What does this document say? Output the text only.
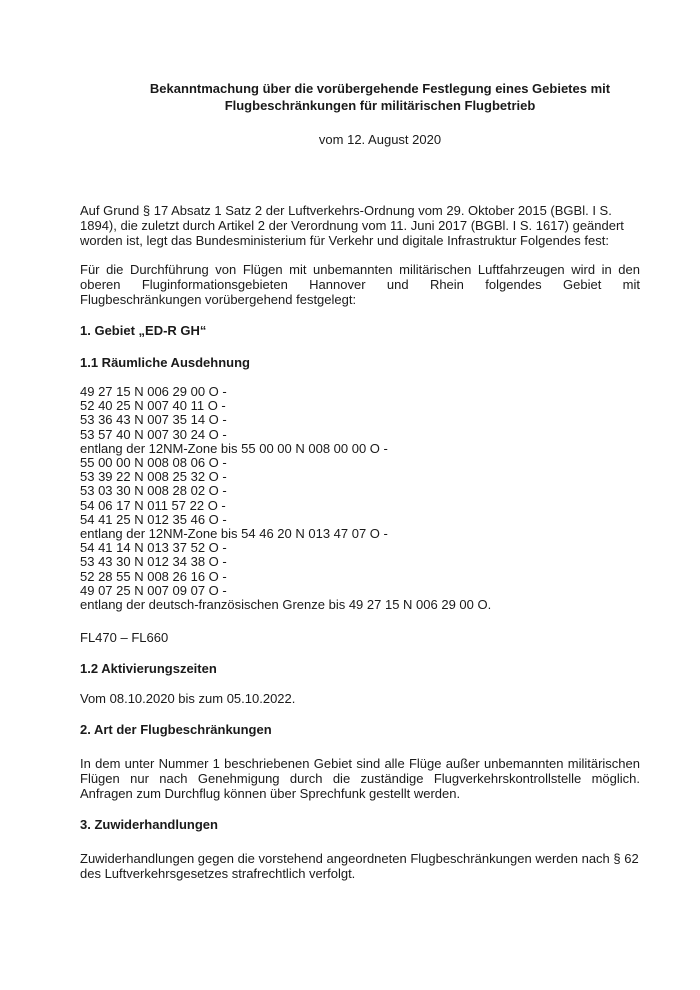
Bekanntmachung über die vorübergehende Festlegung eines Gebietes mit
Flugbeschränkungen für militärischen Flugbetrieb
vom 12. August 2020

Auf Grund § 17 Absatz 1 Satz 2 der Luftverkehrs-Ordnung vom 29. Oktober 2015 (BGBl. I S. 1894), die zuletzt durch Artikel 2 der Verordnung vom 11. Juni 2017 (BGBl. I S. 1617) geändert worden ist, legt das Bundesministerium für Verkehr und digitale Infrastruktur Folgendes fest:

Für die Durchführung von Flügen mit unbemannten militärischen Luftfahrzeugen wird in den oberen Fluginformationsgebieten Hannover und Rhein folgendes Gebiet mit Flugbeschränkungen vorübergehend festgelegt:

1. Gebiet „ED-R GH“
1.1 Räumliche Ausdehnung
49 27 15 N 006 29 00 O -
52 40 25 N 007 40 11 O -
53 36 43 N 007 35 14 O -
53 57 40 N 007 30 24 O -
entlang der 12NM-Zone bis 55 00 00 N 008 00 00 O -
55 00 00 N 008 08 06 O -
53 39 22 N 008 25 32 O -
53 03 30 N 008 28 02 O -
54 06 17 N 011 57 22 O -
54 41 25 N 012 35 46 O -
entlang der 12NM-Zone bis 54 46 20 N 013 47 07 O -
54 41 14 N 013 37 52 O -
53 43 30 N 012 34 38 O -
52 28 55 N 008 26 16 O -
49 07 25 N 007 09 07 O -
entlang der deutsch-französischen Grenze bis 49 27 15 N 006 29 00 O.

FL470 – FL660

1.2 Aktivierungszeiten

Vom 08.10.2020 bis zum 05.10.2022.

2. Art der Flugbeschränkungen

In dem unter Nummer 1 beschriebenen Gebiet sind alle Flüge außer unbemannten militärischen Flügen nur nach Genehmigung durch die zuständige Flugverkehrskontrollstelle möglich. Anfragen zum Durchflug können über Sprechfunk gestellt werden.

3. Zuwiderhandlungen

Zuwiderhandlungen gegen die vorstehend angeordneten Flugbeschränkungen werden nach § 62 des Luftverkehrsgesetzes strafrechtlich verfolgt.
